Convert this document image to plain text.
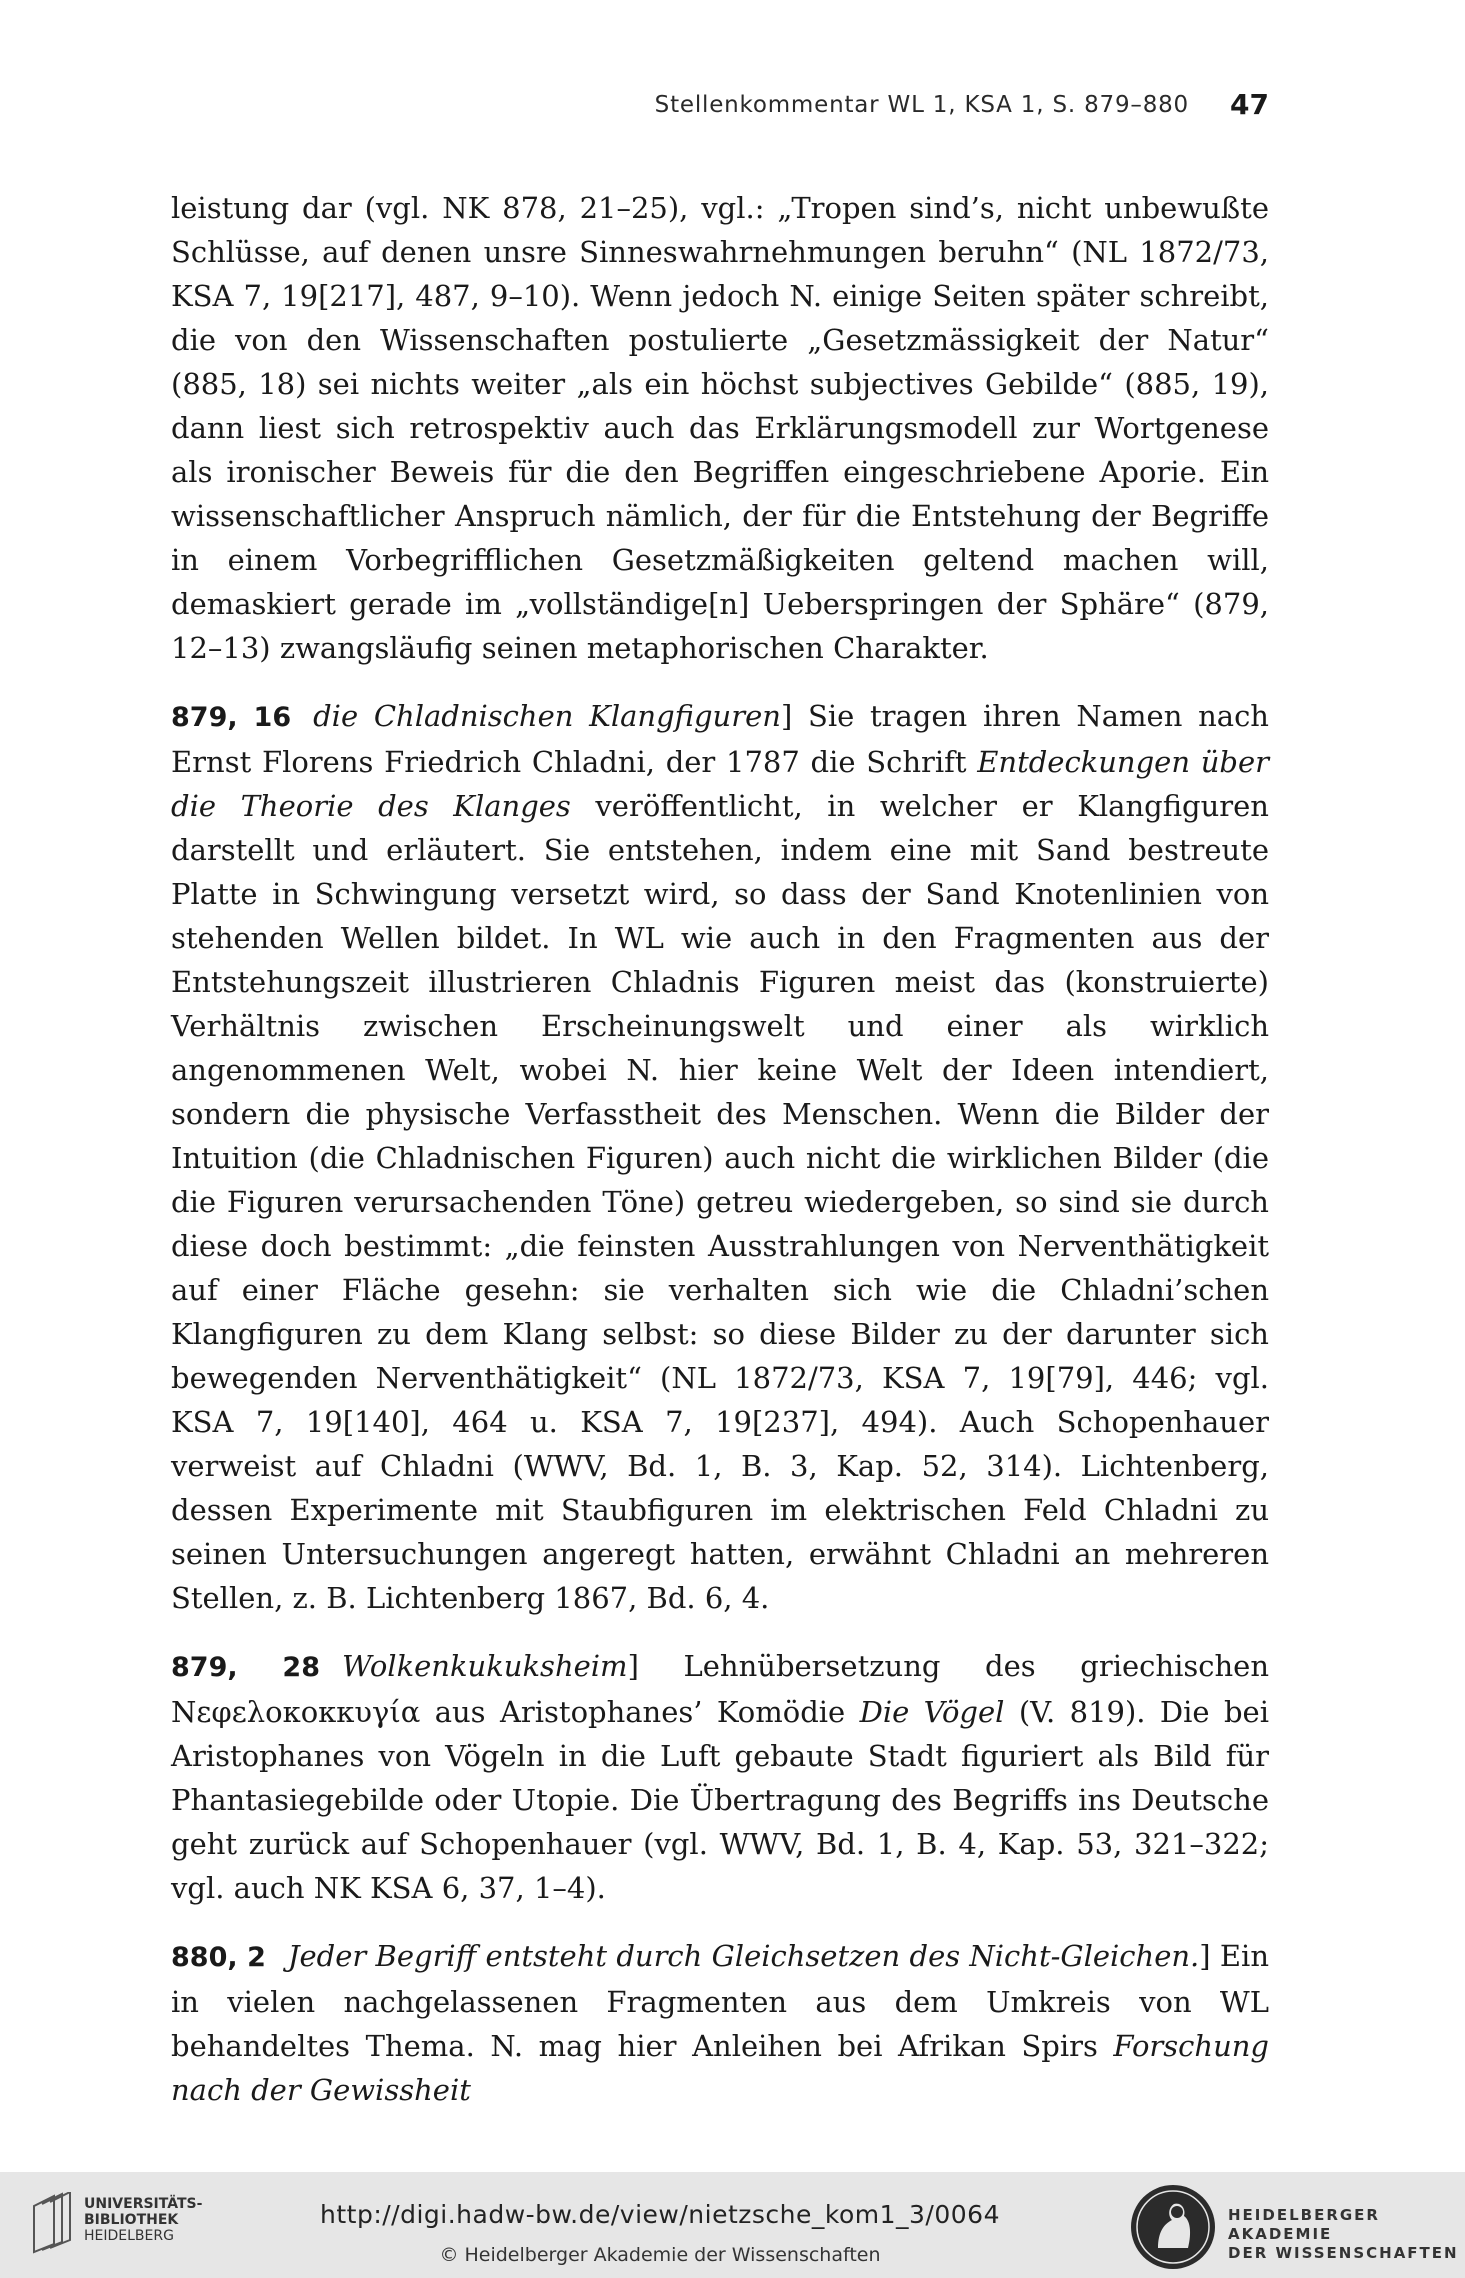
Stellenkommentar WL 1, KSA 1, S. 879–880 47

leistung dar (vgl. NK 878, 21–25), vgl.: „Tropen sind’s, nicht unbewußte Schlüsse, auf denen unsre Sinneswahrnehmungen beruhn“ (NL 1872/73, KSA 7, 19[217], 487, 9–10). Wenn jedoch N. einige Seiten später schreibt, die von den Wissenschaften postulierte „Gesetzmässigkeit der Natur“ (885, 18) sei nichts weiter „als ein höchst subjectives Gebilde“ (885, 19), dann liest sich retrospektiv auch das Erklärungsmodell zur Wortgenese als ironischer Beweis für die den Begriffen eingeschriebene Aporie. Ein wissenschaftlicher Anspruch nämlich, der für die Entstehung der Begriffe in einem Vorbegrifflichen Gesetzmäßigkeiten geltend machen will, demaskiert gerade im „vollständige[n] Ueberspringen der Sphäre“ (879, 12–13) zwangsläufig seinen metaphorischen Charakter.

879, 16 die Chladnischen Klangfiguren] Sie tragen ihren Namen nach Ernst Florens Friedrich Chladni, der 1787 die Schrift Entdeckungen über die Theorie des Klanges veröffentlicht, in welcher er Klangfiguren darstellt und erläutert. Sie entstehen, indem eine mit Sand bestreute Platte in Schwingung versetzt wird, so dass der Sand Knotenlinien von stehenden Wellen bildet. In WL wie auch in den Fragmenten aus der Entstehungszeit illustrieren Chladnis Figuren meist das (konstruierte) Verhältnis zwischen Erscheinungswelt und einer als wirklich angenommenen Welt, wobei N. hier keine Welt der Ideen intendiert, sondern die physische Verfasstheit des Menschen. Wenn die Bilder der Intuition (die Chladnischen Figuren) auch nicht die wirklichen Bilder (die die Figuren verursachenden Töne) getreu wiedergeben, so sind sie durch diese doch bestimmt: „die feinsten Ausstrahlungen von Nerventhätigkeit auf einer Fläche gesehn: sie verhalten sich wie die Chladni’schen Klangfiguren zu dem Klang selbst: so diese Bilder zu der darunter sich bewegenden Nerventhätigkeit“ (NL 1872/73, KSA 7, 19[79], 446; vgl. KSA 7, 19[140], 464 u. KSA 7, 19[237], 494). Auch Schopenhauer verweist auf Chladni (WWV, Bd. 1, B. 3, Kap. 52, 314). Lichtenberg, dessen Experimente mit Staubfiguren im elektrischen Feld Chladni zu seinen Untersuchungen angeregt hatten, erwähnt Chladni an mehreren Stellen, z. B. Lichtenberg 1867, Bd. 6, 4.

879, 28 Wolkenkukuksheim] Lehnübersetzung des griechischen Νεφελοκοκκυγία aus Aristophanes’ Komödie Die Vögel (V. 819). Die bei Aristophanes von Vögeln in die Luft gebaute Stadt figuriert als Bild für Phantasiegebilde oder Utopie. Die Übertragung des Begriffs ins Deutsche geht zurück auf Schopenhauer (vgl. WWV, Bd. 1, B. 4, Kap. 53, 321–322; vgl. auch NK KSA 6, 37, 1–4).

880, 2 Jeder Begriff entsteht durch Gleichsetzen des Nicht-Gleichen.] Ein in vielen nachgelassenen Fragmenten aus dem Umkreis von WL behandeltes Thema. N. mag hier Anleihen bei Afrikan Spirs Forschung nach der Gewissheit

UNIVERSITÄTS-
BIBLIOTHEK
HEIDELBERG
http://digi.hadw-bw.de/view/nietzsche_kom1_3/0064
© Heidelberger Akademie der Wissenschaften
HEIDELBERGER AKADEMIE
DER WISSENSCHAFTEN
